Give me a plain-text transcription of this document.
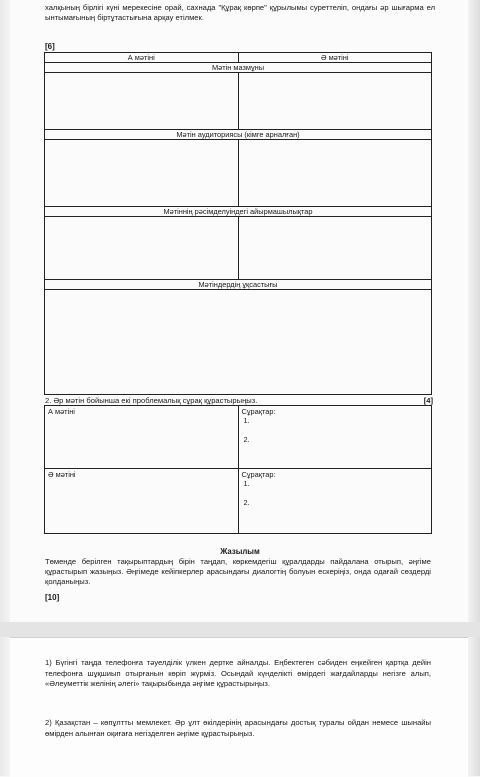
халқының бірлігі күні мерекесіне орай, сахнада "Құрақ көрпе" құрылымы суреттеліп, ондағы әр шығарма ел ынтымағының біртұтастығына арқау етілмек.
[6]
А мәтіні	Ә мәтіні
Мәтін мазмұны	

Мәтін аудиториясы (кімге арналған)	

Мәтіннің рәсімделуіндегі айырмашылықтар	

Мәтіндердің ұқсастығы	

2. Әр мәтін бойынша екі проблемалық сұрақ құрастырыңыз.	[4]
А мәтіні	Сұрақтар:
1.
2.

Ә мәтіні	Сұрақтар:
1.
2.
Жазылым
Төменде берілген тақырыптардың бірін таңдап, көркемдегіш құралдарды пайдалана отырып, әңгіме құрастырып жазыңыз. Әңгімеде кейіпкерлер арасындағы диалогтің болуын ескеріңіз, онда одағай сөздерді қолданыңыз.
[10]
1) Бүгінгі таңда телефонға тәуелділік үлкен дертке айналды. Еңбектеген сәбиден еңкейген қартқа дейін телефонға шұқшиып отырғанын көріп жүрміз. Осындай күнделікті өмірдегі жағдайларды негізге алып, «Әлеуметтік желінің әлегі» тақырыбында әңгіме құрастырыңыз.
2) Қазақстан – көпұлтты мемлекет. Әр ұлт өкілдерінің арасындағы достық туралы ойдан немесе шынайы өмірден алынған оқиғаға негізделген әңгіме құрастырыңыз.
